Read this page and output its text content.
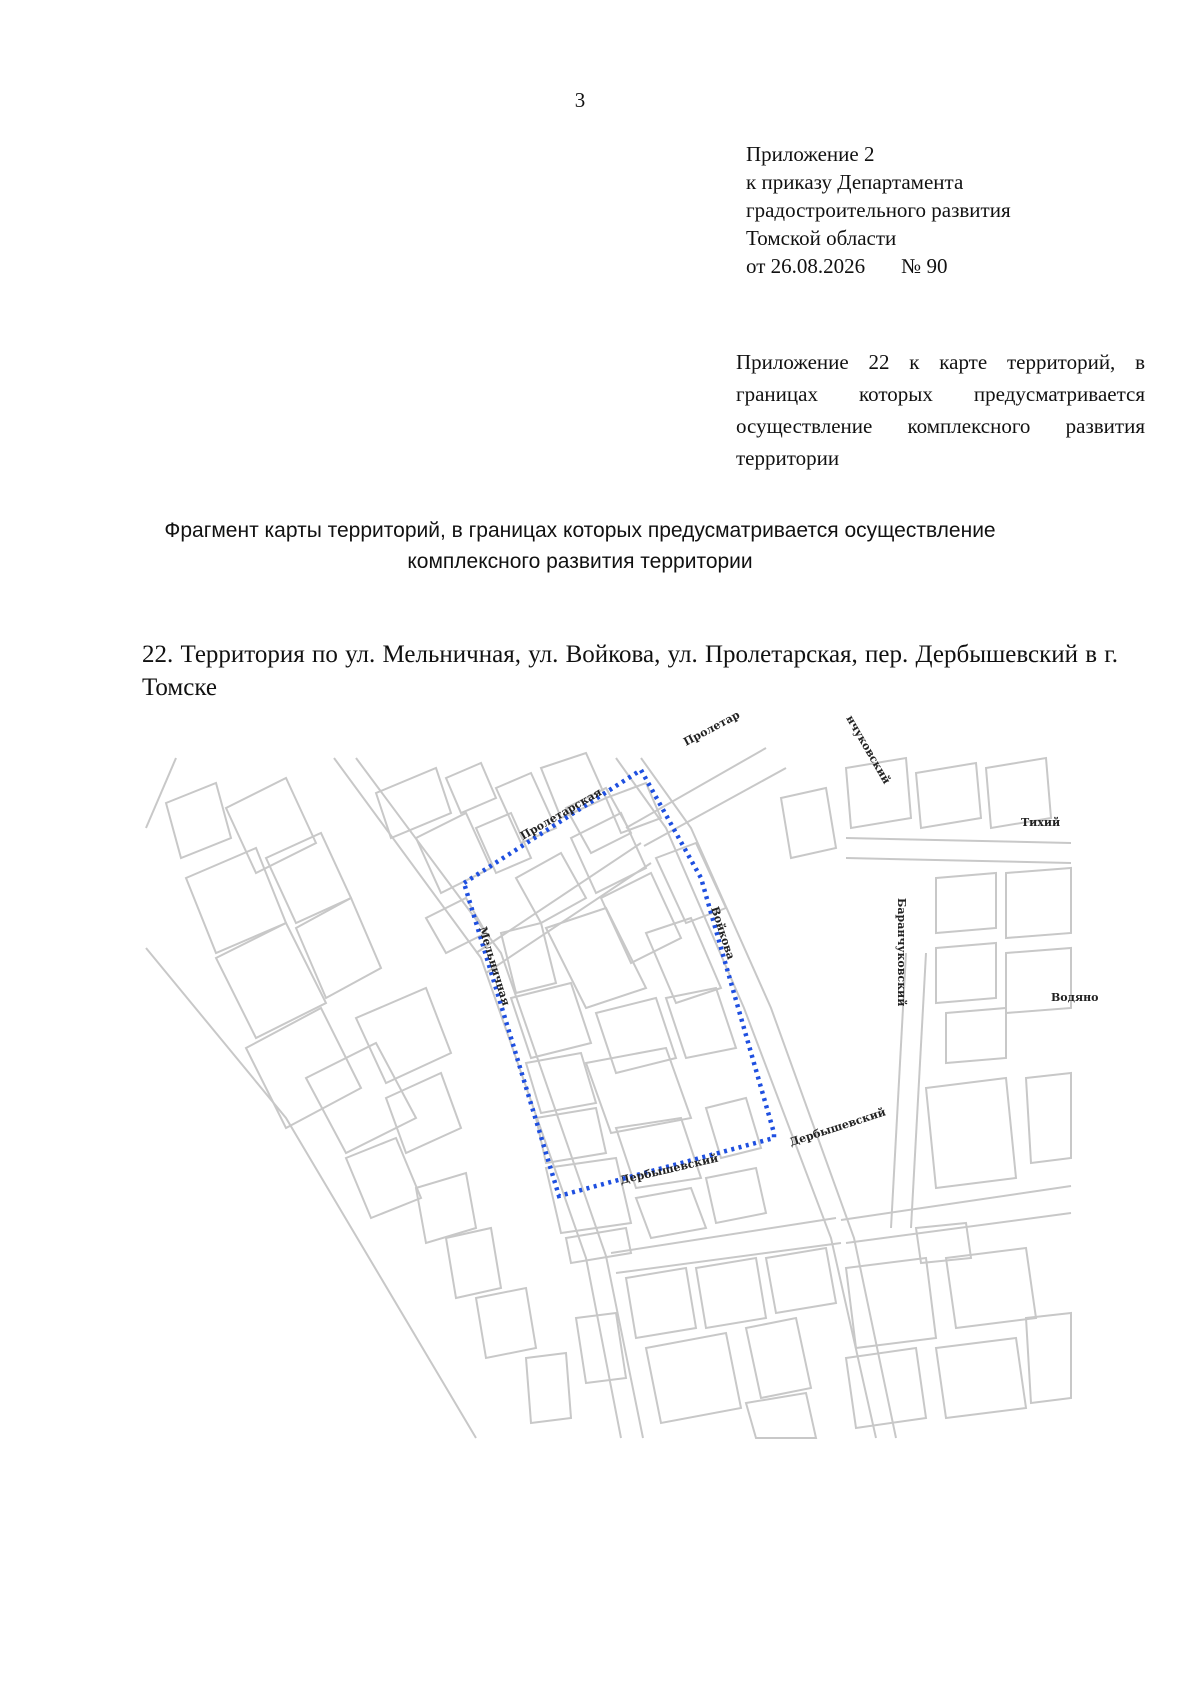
3
Приложение 2
к приказу Департамента
градостроительного развития
Томской области
от 26.08.2026 № 90
Приложение 22 к карте территорий, в границах которых предусматривается осуществление комплексного развития территории
Фрагмент карты территорий, в границах которых предусматривается осуществление
комплексного развития территории
22. Территория по ул. Мельничная, ул. Войкова, ул. Пролетарская, пер. Дербышевский в г. Томске
Пролетарская
Пролетар
Мельничная	Войкова
Дербышевский
Дербышевский
Баранчуковский
нчуковский
Тихий
Водяно
